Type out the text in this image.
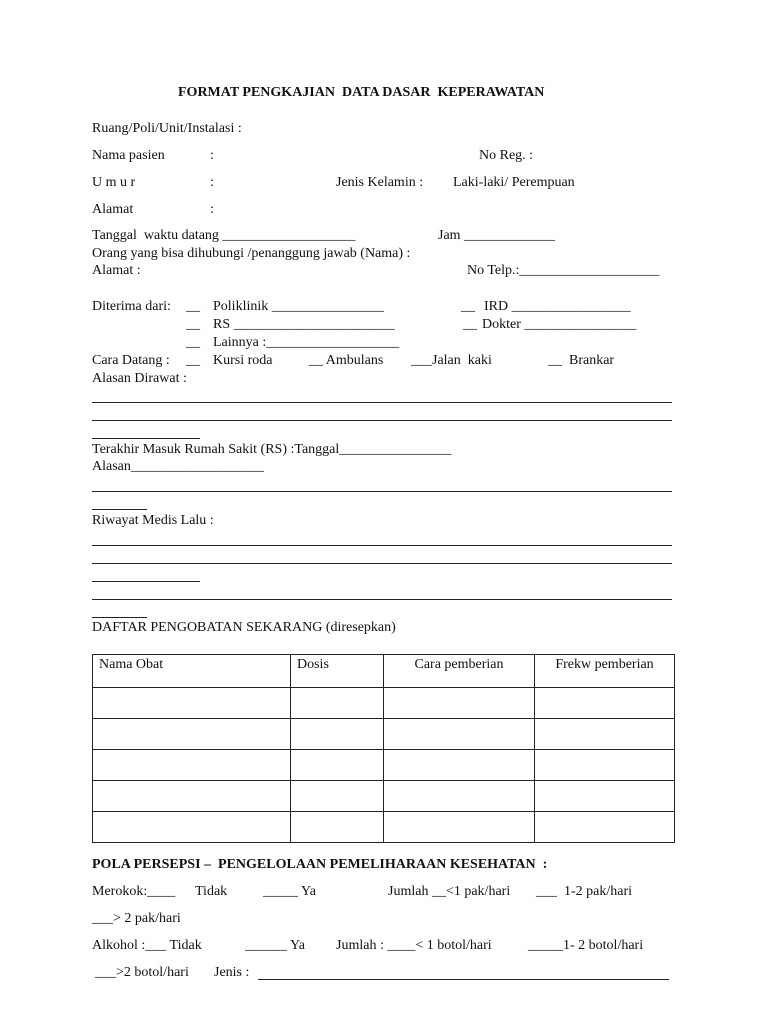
FORMAT PENGKAJIAN  DATA DASAR  KEPERAWATAN
Ruang/Poli/Unit/Instalasi :
Nama pasien	:	No Reg. :
U m u r	:	Jenis Kelamin : Laki-laki/ Perempuan
Alamat	:
Tanggal  waktu datang ___________________	Jam _____________
Orang yang bisa dihubungi /penanggung jawab (Nama) :
Alamat :	No Telp.:____________________
Diterima dari: __ Poliklinik ________________	__ IRD _________________
__ RS _______________________	__ Dokter ________________
__ Lainnya :___________________
Cara Datang : __ Kursi roda	__ Ambulans ___Jalan  kaki	__  Brankar
Alasan Dirawat :
Terakhir Masuk Rumah Sakit (RS) :Tanggal________________
Alasan___________________
Riwayat Medis Lalu :
DAFTAR PENGOBATAN SEKARANG (diresepkan)
Nama Obat	Dosis	Cara pemberian	Frekw pemberian

POLA PERSEPSI –  PENGELOLAAN PEMELIHARAAN KESEHATAN  :
Merokok:____ Tidak	_____ Ya	Jumlah __<1 pak/hari ___  1-2 pak/hari
___> 2 pak/hari
Alkohol :___ Tidak	______ Ya Jumlah : ____< 1 botol/hari	_____1- 2 botol/hari
___>2 botol/hari Jenis :
